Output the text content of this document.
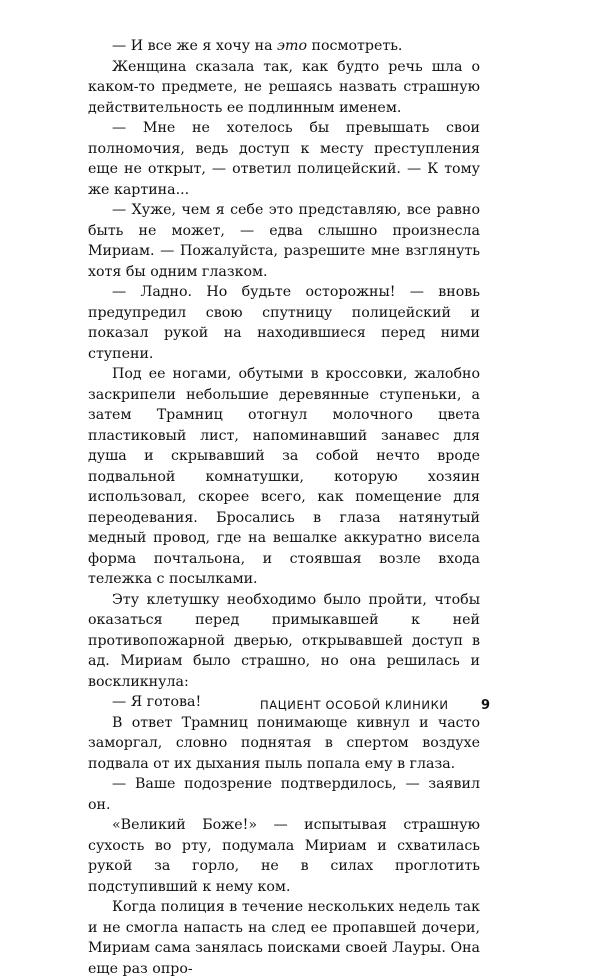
— И все же я хочу на это посмотреть.

Женщина сказала так, как будто речь шла о каком-то предмете, не решаясь назвать страшную действительность ее подлинным именем.

— Мне не хотелось бы превышать свои полномочия, ведь доступ к месту преступления еще не открыт, — ответил полицейский. — К тому же картина...

— Хуже, чем я себе это представляю, все равно быть не может, — едва слышно произнесла Мириам. — Пожалуйста, разрешите мне взглянуть хотя бы одним глазком.

— Ладно. Но будьте осторожны! — вновь предупредил свою спутницу полицейский и показал рукой на находившиеся перед ними ступени.

Под ее ногами, обутыми в кроссовки, жалобно заскрипели небольшие деревянные ступеньки, а затем Трамниц отогнул молочного цвета пластиковый лист, напоминавший занавес для душа и скрывавший за собой нечто вроде подвальной комнатушки, которую хозяин использовал, скорее всего, как помещение для переодевания. Бросались в глаза натянутый медный провод, где на вешалке аккуратно висела форма почтальона, и стоявшая возле входа тележка с посылками.

Эту клетушку необходимо было пройти, чтобы оказаться перед примыкавшей к ней противопожарной дверью, открывавшей доступ в ад. Мириам было страшно, но она решилась и воскликнула:

— Я готова!

В ответ Трамниц понимающе кивнул и часто заморгал, словно поднятая в спертом воздухе подвала от их дыхания пыль попала ему в глаза.

— Ваше подозрение подтвердилось, — заявил он.

«Великий Боже!» — испытывая страшную сухость во рту, подумала Мириам и схватилась рукой за горло, не в силах проглотить подступивший к нему ком.

Когда полиция в течение нескольких недель так и не смогла напасть на след ее пропавшей дочери, Мириам сама занялась поисками своей Лауры. Она еще раз опро-

ПАЦИЕНТ ОСОБОЙ КЛИНИКИ 9
